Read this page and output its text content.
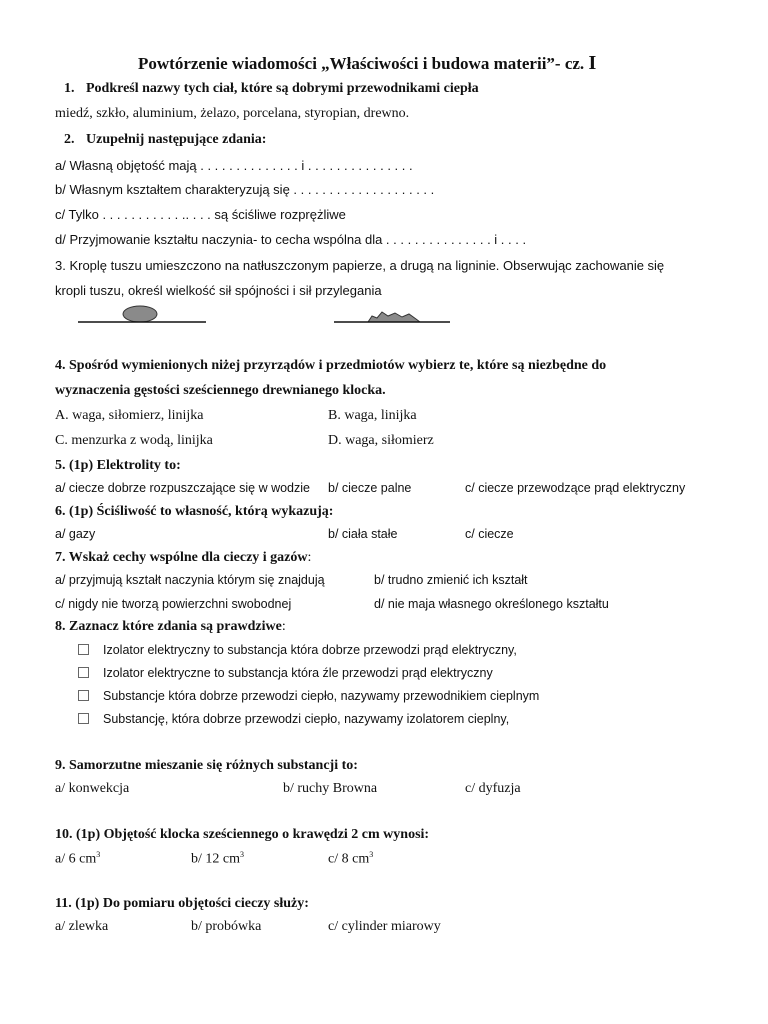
Powtórzenie wiadomości „Właściwości i budowa materii”- cz. I
1. Podkreśl nazwy tych ciał, które są dobrymi przewodnikami ciepła
miedź, szkło, aluminium, żelazo, porcelana, styropian, drewno.
2. Uzupełnij następujące zdania:
a/ Własną objętość mają . . . . . . . . . . . . . . i . . . . . . . . . . . . . . .
b/ Własnym kształtem charakteryzują się . . . . . . . . . . . . . . . . . . . .
c/ Tylko . . . . . . . . . . . .. . . . są ściśliwe rozprężliwe
d/ Przyjmowanie kształtu naczynia- to cecha wspólna dla . . . . . . . . . . . . . . . i . . . .
3. Kroplę tuszu umieszczono na natłuszczonym papierze, a drugą na ligninie. Obserwując zachowanie się
kropli tuszu, określ wielkość sił spójności i sił przylegania
4. Spośród wymienionych niżej przyrządów i przedmiotów wybierz te, które są niezbędne do
wyznaczenia gęstości sześciennego drewnianego klocka.
A. waga, siłomierz, linijka	B. waga, linijka
C. menzurka z wodą, linijka	D. waga, siłomierz
5. (1p) Elektrolity to:
a/ ciecze dobrze rozpuszczające się w wodzie b/ ciecze palne	c/ ciecze przewodzące prąd elektryczny
6. (1p) Ściśliwość to własność, którą wykazują:
a/ gazy	b/ ciała stałe	c/ ciecze
7. Wskaż cechy wspólne dla cieczy i gazów:
a/ przyjmują kształt naczynia którym się znajdują	b/ trudno zmienić ich kształt
c/ nigdy nie tworzą powierzchni swobodnej	d/ nie maja własnego określonego kształtu
8. Zaznacz które zdania są prawdziwe:
Izolator elektryczny to substancja która dobrze przewodzi prąd elektryczny,
Izolator elektryczne to substancja która źle przewodzi prąd elektryczny
Substancje która dobrze przewodzi ciepło, nazywamy przewodnikiem cieplnym
Substancję, która dobrze przewodzi ciepło, nazywamy izolatorem cieplny,
9. Samorzutne mieszanie się różnych substancji to:
a/ konwekcja	b/ ruchy Browna	c/ dyfuzja
10. (1p) Objętość klocka sześciennego o krawędzi 2 cm wynosi:
a/ 6 $cm^3$	b/ 12 $cm^3$	c/ 8 $cm^3$
11. (1p) Do pomiaru objętości cieczy służy:
a/ zlewka	b/ probówka	c/ cylinder miarowy
